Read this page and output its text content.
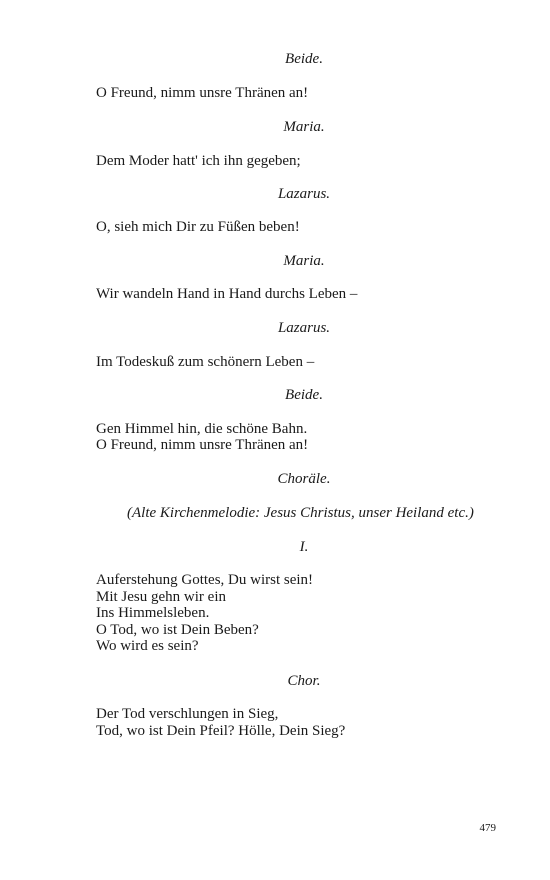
Beide.
O Freund, nimm unsre Thränen an!
Maria.
Dem Moder hatt' ich ihn gegeben;
Lazarus.
O, sieh mich Dir zu Füßen beben!
Maria.
Wir wandeln Hand in Hand durchs Leben –
Lazarus.
Im Todeskuß zum schönern Leben –
Beide.
Gen Himmel hin, die schöne Bahn.
O Freund, nimm unsre Thränen an!
Choräle.
(Alte Kirchenmelodie: Jesus Christus, unser Heiland etc.)
I.
Auferstehung Gottes, Du wirst sein!
Mit Jesu gehn wir ein
Ins Himmelsleben.
O Tod, wo ist Dein Beben?
Wo wird es sein?
Chor.
Der Tod verschlungen in Sieg,
Tod, wo ist Dein Pfeil? Hölle, Dein Sieg?
479
